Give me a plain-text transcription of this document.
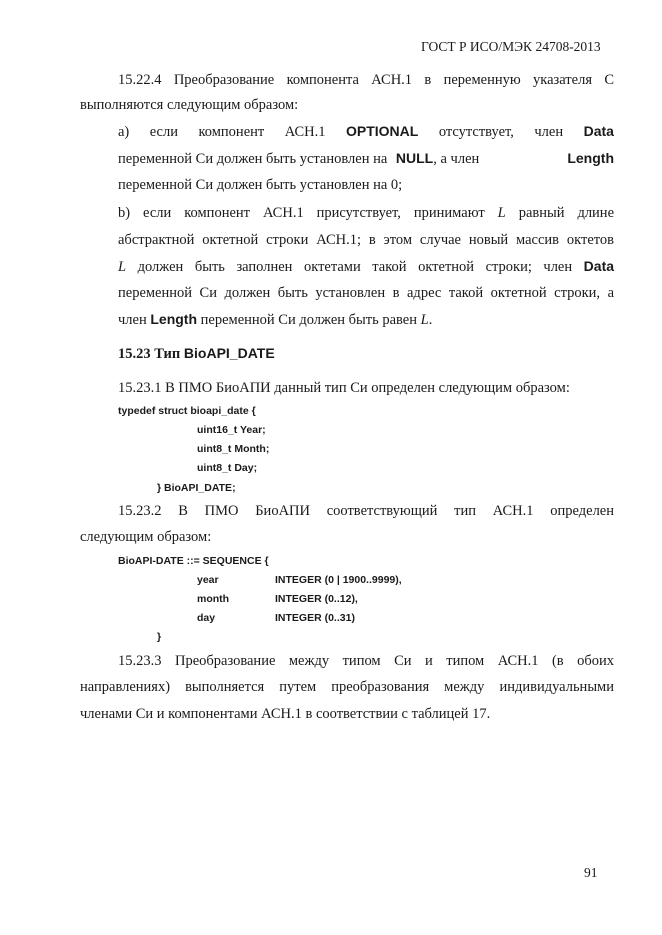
ГОСТ Р ИСО/МЭК 24708-2013
15.22.4 Преобразование компонента АСН.1 в переменную указателя С
выполняются следующим образом:
а) если компонент АСН.1 OPTIONAL отсутствует, член Data
переменной Си должен быть установлен на NULL, а член	Length
переменной Си должен быть установлен на 0;
b) если компонент АСН.1 присутствует, принимают L равный длине
абстрактной октетной строки АСН.1; в этом случае новый массив октетов
L должен быть заполнен октетами такой октетной строки; член Data
переменной Си должен быть установлен в адрес такой октетной строки, а
член Length переменной Си должен быть равен L.
15.23 Тип BioAPI_DATE
15.23.1 В ПМО БиоАПИ данный тип Си определен следующим образом:
typedef struct bioapi_date {
uint16_t Year;
uint8_t Month;
uint8_t Day;
} BioAPI_DATE;
15.23.2 В ПМО БиоАПИ соответствующий тип АСН.1 определен
следующим образом:
BioAPI-DATE ::= SEQUENCE {
year	INTEGER (0 | 1900..9999),
month	INTEGER (0..12),
day	INTEGER (0..31)
}
15.23.3 Преобразование между типом Си и типом АСН.1 (в обоих
направлениях) выполняется путем преобразования между индивидуальными
членами Си и компонентами АСН.1 в соответствии с таблицей 17.
91
